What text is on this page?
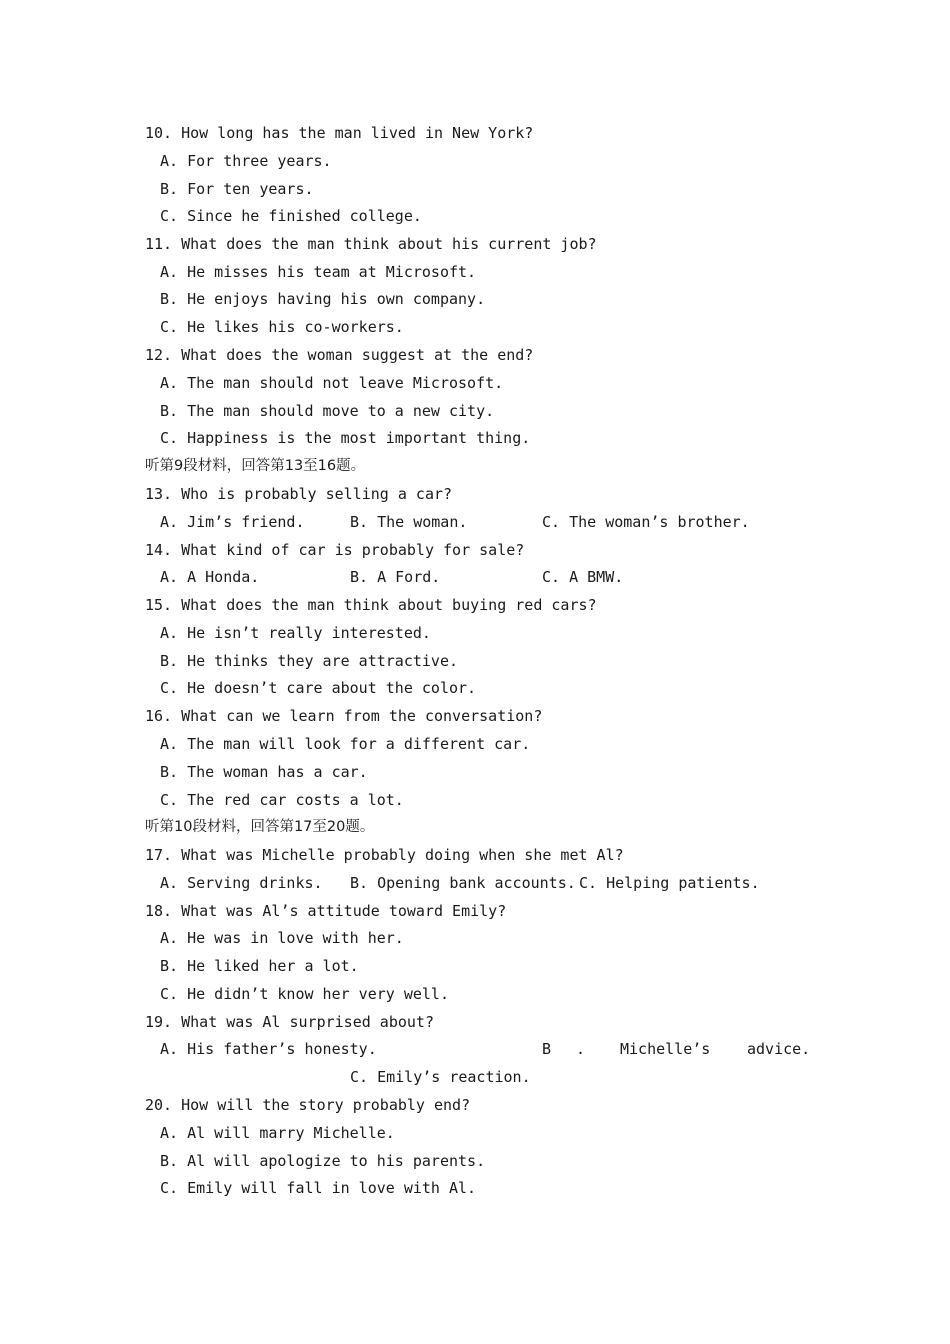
10. How long has the man lived in New York?
A. For three years.
B. For ten years.
C. Since he finished college.
11. What does the man think about his current job?
A. He misses his team at Microsoft.
B. He enjoys having his own company.
C. He likes his co-workers.
12. What does the woman suggest at the end?
A. The man should not leave Microsoft.
B. The man should move to a new city.
C. Happiness is the most important thing.
听第9段材料，回答第13至16题。
13. Who is probably selling a car?
A. Jim’s friend.	B. The woman.	C. The woman’s brother.
14. What kind of car is probably for sale?
A. A Honda.	B. A Ford.	C. A BMW.
15. What does the man think about buying red cars?
A. He isn’t really interested.
B. He thinks they are attractive.
C. He doesn’t care about the color.
16. What can we learn from the conversation?
A. The man will look for a different car.
B. The woman has a car.
C. The red car costs a lot.
听第10段材料，回答第17至20题。
17. What was Michelle probably doing when she met Al?
A. Serving drinks. B. Opening bank accounts. C. Helping patients.
18. What was Al’s attitude toward Emily?
A. He was in love with her.
B. He liked her a lot.
C. He didn’t know her very well.
19. What was Al surprised about?
A. His father’s honesty.	B . Michelle’s advice.
C. Emily’s reaction.
20. How will the story probably end?
A. Al will marry Michelle.
B. Al will apologize to his parents.
C. Emily will fall in love with Al.
